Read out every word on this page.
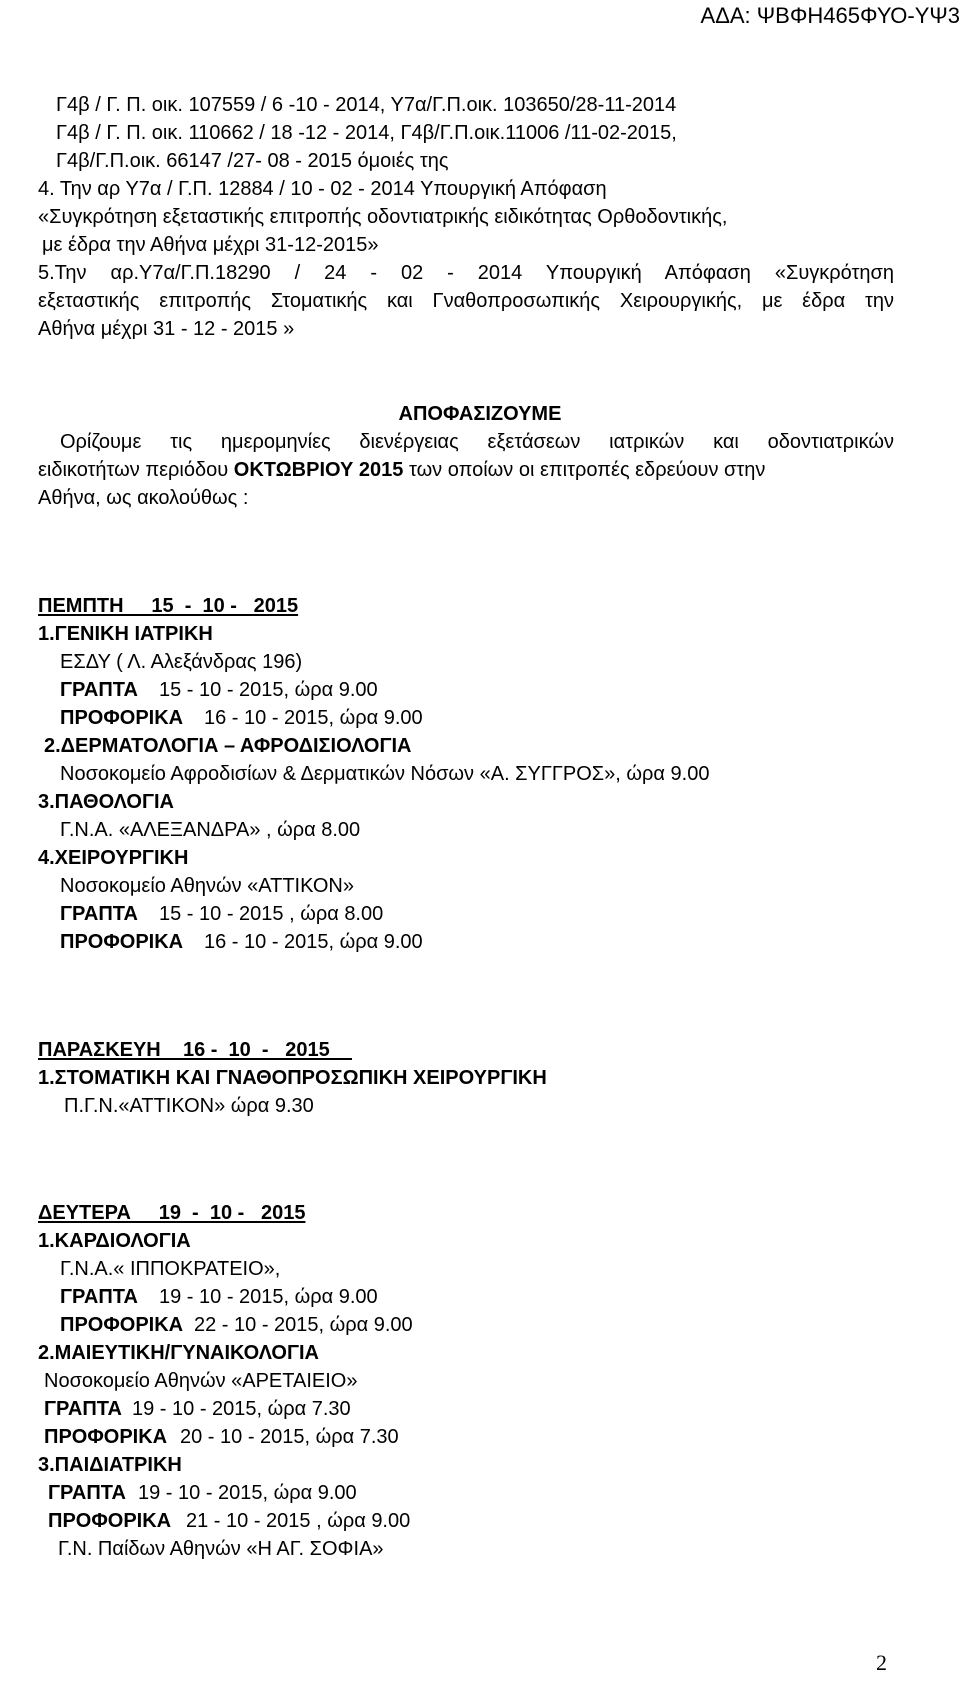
ΑΔΑ: ΨΒΦΗ465ΦΥΟ-ΥΨ3
Γ4β / Γ. Π. οικ. 107559 / 6 -10 - 2014, Υ7α/Γ.Π.οικ. 103650/28-11-2014
Γ4β / Γ. Π. οικ. 110662 / 18 -12 - 2014, Γ4β/Γ.Π.οικ.11006 /11-02-2015,
Γ4β/Γ.Π.οικ. 66147 /27- 08 - 2015 όμοιές της
4. Την αρ Υ7α / Γ.Π. 12884 / 10 - 02 - 2014 Υπουργική Απόφαση
«Συγκρότηση εξεταστικής επιτροπής οδοντιατρικής ειδικότητας Ορθοδοντικής,
με έδρα την Αθήνα μέχρι 31-12-2015»
5.Την αρ.Υ7α/Γ.Π.18290 / 24 - 02 - 2014 Υπουργική Απόφαση «Συγκρότηση
εξεταστικής επιτροπής Στοματικής και Γναθοπροσωπικής Χειρουργικής, με έδρα την
Αθήνα μέχρι 31 - 12 - 2015 »
ΑΠΟΦΑΣΙΖΟΥΜΕ
Ορίζουμε τις ημερομηνίες διενέργειας εξετάσεων ιατρικών και οδοντιατρικών
ειδικοτήτων περιόδου ΟΚΤΩΒΡΙΟΥ 2015 των οποίων οι επιτροπές εδρεύουν στην
Αθήνα, ως ακολούθως :
ΠΕΜΠΤΗ     15  -  10 -   2015
1.ΓΕΝΙΚΗ ΙΑΤΡΙΚΗ
ΕΣΔΥ ( Λ. Αλεξάνδρας 196)
ΓΡΑΠΤΑ 15 - 10 - 2015, ώρα 9.00
ΠΡΟΦΟΡΙΚΑ 16 - 10 - 2015, ώρα 9.00
2.ΔΕΡΜΑΤΟΛΟΓΙΑ – ΑΦΡΟΔΙΣΙΟΛΟΓΙΑ
Νοσοκομείο Αφροδισίων & Δερματικών Νόσων «Α. ΣΥΓΓΡΟΣ», ώρα 9.00
3.ΠΑΘΟΛΟΓΙΑ
Γ.Ν.Α. «ΑΛΕΞΑΝΔΡΑ» , ώρα 8.00
4.ΧΕΙΡΟΥΡΓΙΚΗ
Νοσοκομείο Αθηνών «ΑΤΤΙΚΟΝ»
ΓΡΑΠΤΑ 15 - 10 - 2015 , ώρα 8.00
ΠΡΟΦΟΡΙΚΑ 16 - 10 - 2015, ώρα 9.00
ΠΑΡΑΣΚΕΥΗ    16 -  10  -   2015
1.ΣΤΟΜΑΤΙΚΗ ΚΑΙ ΓΝΑΘΟΠΡΟΣΩΠΙΚΗ ΧΕΙΡΟΥΡΓΙΚΗ
Π.Γ.Ν.«ΑΤΤΙΚΟΝ» ώρα 9.30
ΔΕΥΤΕΡΑ     19  -  10 -   2015
1.ΚΑΡΔΙΟΛΟΓΙΑ
Γ.Ν.Α.« ΙΠΠΟΚΡΑΤΕΙΟ»,
ΓΡΑΠΤΑ 19 - 10 - 2015, ώρα 9.00
ΠΡΟΦΟΡΙΚΑ 22 - 10 - 2015, ώρα 9.00
2.ΜΑΙΕΥΤΙΚΗ/ΓΥΝΑΙΚΟΛΟΓΙΑ
Νοσοκομείο Αθηνών «ΑΡΕΤΑΙΕΙΟ»
ΓΡΑΠΤΑ 19 - 10 - 2015, ώρα 7.30
ΠΡΟΦΟΡΙΚΑ 20 - 10 - 2015, ώρα 7.30
3.ΠΑΙΔΙΑΤΡΙΚΗ
ΓΡΑΠΤΑ 19 - 10 - 2015, ώρα 9.00
ΠΡΟΦΟΡΙΚΑ 21 - 10 - 2015 , ώρα 9.00
Γ.Ν. Παίδων Αθηνών «Η ΑΓ. ΣΟΦΙΑ»
2
